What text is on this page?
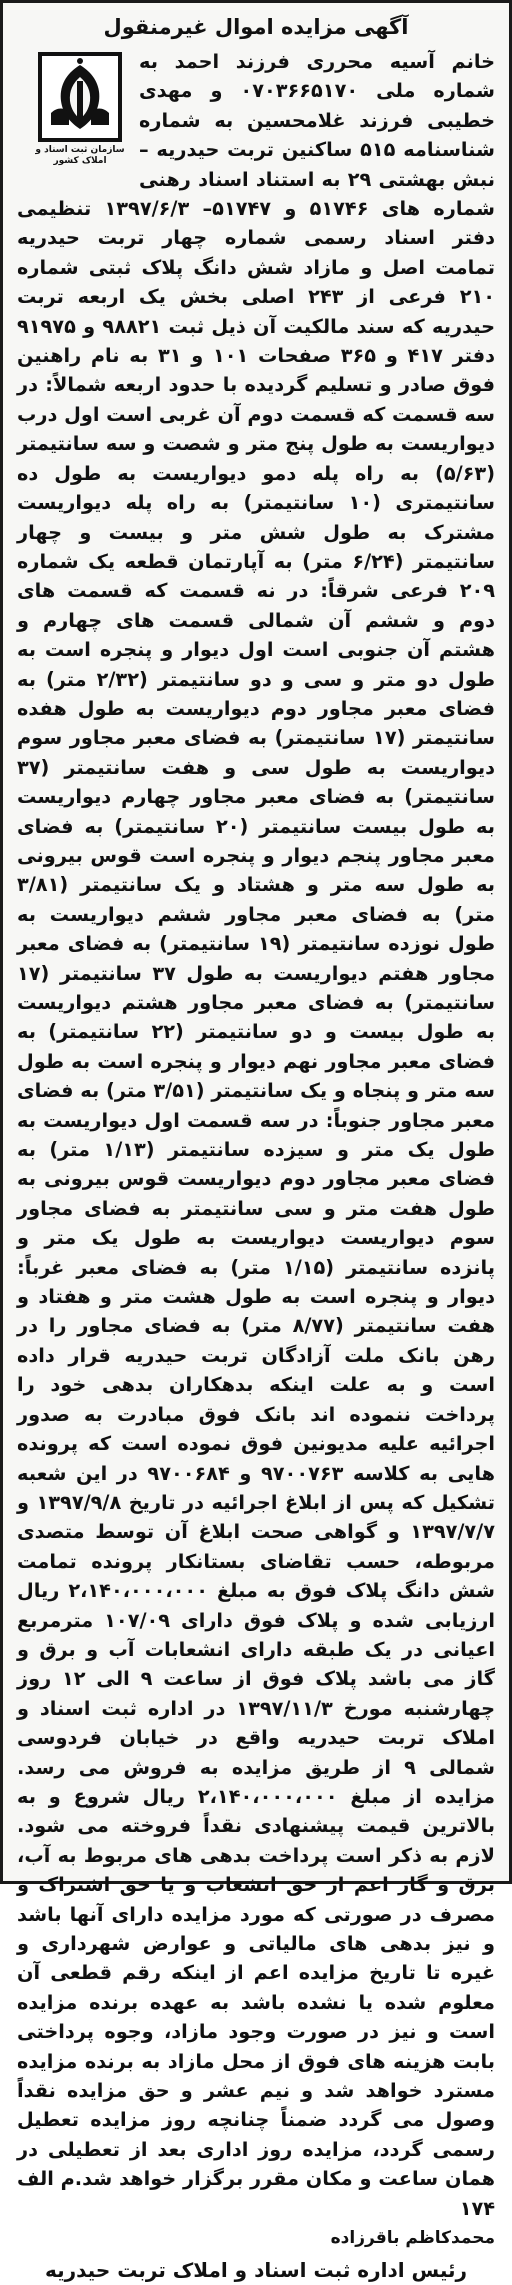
آگهی مزایده اموال غیرمنقول
سازمان ثبت اسناد و املاک کشور

خانم آسیه محرری فرزند احمد به شماره ملی ۰۷۰۳۶۶۵۱۷۰ و مهدی خطیبی فرزند غلامحسین به شماره شناسنامه ۵۱۵ ساکنین تربت حیدریه – نبش بهشتی ۲۹ به استناد اسناد رهنی شماره های ۵۱۷۴۶ و ۵۱۷۴۷– ۱۳۹۷/۶/۳ تنظیمی دفتر اسناد رسمی شماره چهار تربت حیدریه تمامت اصل و مازاد شش دانگ پلاک ثبتی شماره ۲۱۰ فرعی از ۲۴۳ اصلی بخش یک اربعه تربت حیدریه که سند مالکیت آن ذیل ثبت ۹۸۸۲۱ و ۹۱۹۷۵ دفتر ۴۱۷ و ۳۶۵ صفحات ۱۰۱ و ۳۱ به نام راهنین فوق صادر و تسلیم گردیده با حدود اربعه شمالاً: در سه قسمت که قسمت دوم آن غربی است اول درب دیواریست به طول پنج متر و شصت و سه سانتیمتر (۵/۶۳) به راه پله دمو دیواریست به طول ده سانتیمتری (۱۰ سانتیمتر) به راه پله دیواریست مشترک به طول شش متر و بیست و چهار سانتیمتر (۶/۲۴ متر) به آپارتمان قطعه یک شماره ۲۰۹ فرعی شرقاً: در نه قسمت که قسمت های دوم و ششم آن شمالی قسمت های چهارم و هشتم آن جنوبی است اول دیوار و پنجره است به طول دو متر و سی و دو سانتیمتر (۲/۳۲ متر) به فضای معبر مجاور دوم دیواریست به طول هفده سانتیمتر (۱۷ سانتیمتر) به فضای معبر مجاور سوم دیواریست به طول سی و هفت سانتیمتر (۳۷ سانتیمتر) به فضای معبر مجاور چهارم دیواریست به طول بیست سانتیمتر (۲۰ سانتیمتر) به فضای معبر مجاور پنجم دیوار و پنجره است قوس بیرونی به طول سه متر و هشتاد و یک سانتیمتر (۳/۸۱ متر) به فضای معبر مجاور ششم دیواریست به طول نوزده سانتیمتر (۱۹ سانتیمتر) به فضای معبر مجاور هفتم دیواریست به طول ۳۷ سانتیمتر (۱۷ سانتیمتر) به فضای معبر مجاور هشتم دیواریست به طول بیست و دو سانتیمتر (۲۲ سانتیمتر) به فضای معبر مجاور نهم دیوار و پنجره است به طول سه متر و پنجاه و یک سانتیمتر (۳/۵۱ متر) به فضای معبر مجاور جنوباً: در سه قسمت اول دیواریست به طول یک متر و سیزده سانتیمتر (۱/۱۳ متر) به فضای معبر مجاور دوم دیواریست قوس بیرونی به طول هفت متر و سی سانتیمتر به فضای مجاور سوم دیواریست دیواریست به طول یک متر و پانزده سانتیمتر (۱/۱۵ متر) به فضای معبر غرباً: دیوار و پنجره است به طول هشت متر و هفتاد و هفت سانتیمتر (۸/۷۷ متر) به فضای مجاور را در رهن بانک ملت آزادگان تربت حیدریه قرار داده است و به علت اینکه بدهکاران بدهی خود را پرداخت ننموده اند بانک فوق مبادرت به صدور اجرائیه علیه مدیونین فوق نموده است که پرونده هایی به کلاسه ۹۷۰۰۷۶۳ و ۹۷۰۰۶۸۴ در این شعبه تشکیل که پس از ابلاغ اجرائیه در تاریخ ۱۳۹۷/۹/۸ و ۱۳۹۷/۷/۷ و گواهی صحت ابلاغ آن توسط متصدی مربوطه، حسب تقاضای بستانکار پرونده تمامت شش دانگ پلاک فوق به مبلغ ۲،۱۴۰،۰۰۰،۰۰۰ ریال ارزیابی شده و پلاک فوق دارای ۱۰۷/۰۹ مترمربع اعیانی در یک طبقه دارای انشعابات آب و برق و گاز می باشد پلاک فوق از ساعت ۹ الی ۱۲ روز چهارشنبه مورخ ۱۳۹۷/۱۱/۳ در اداره ثبت اسناد و املاک تربت حیدریه واقع در خیابان فردوسی شمالی ۹ از طریق مزایده به فروش می رسد. مزایده از مبلغ ۲،۱۴۰،۰۰۰،۰۰۰ ریال شروع و به بالاترین قیمت پیشنهادی نقداً فروخته می شود. لازم به ذکر است پرداخت بدهی های مربوط به آب، برق و گاز اعم از حق انشعاب و یا حق اشتراک و مصرف در صورتی که مورد مزایده دارای آنها باشد و نیز بدهی های مالیاتی و عوارض شهرداری و غیره تا تاریخ مزایده اعم از اینکه رقم قطعی آن معلوم شده یا نشده باشد به عهده برنده مزایده است و نیز در صورت وجود مازاد، وجوه پرداختی بابت هزینه های فوق از محل مازاد به برنده مزایده مسترد خواهد شد و نیم عشر و حق مزایده نقداً وصول می گردد ضمناً چنانچه روز مزایده تعطیل رسمی گردد، مزایده روز اداری بعد از تعطیلی در همان ساعت و مکان مقرر برگزار خواهد شد.م الف ۱۷۴

محمدکاظم باقرزاده
رئیس اداره ثبت اسناد و املاک تربت حیدریه
